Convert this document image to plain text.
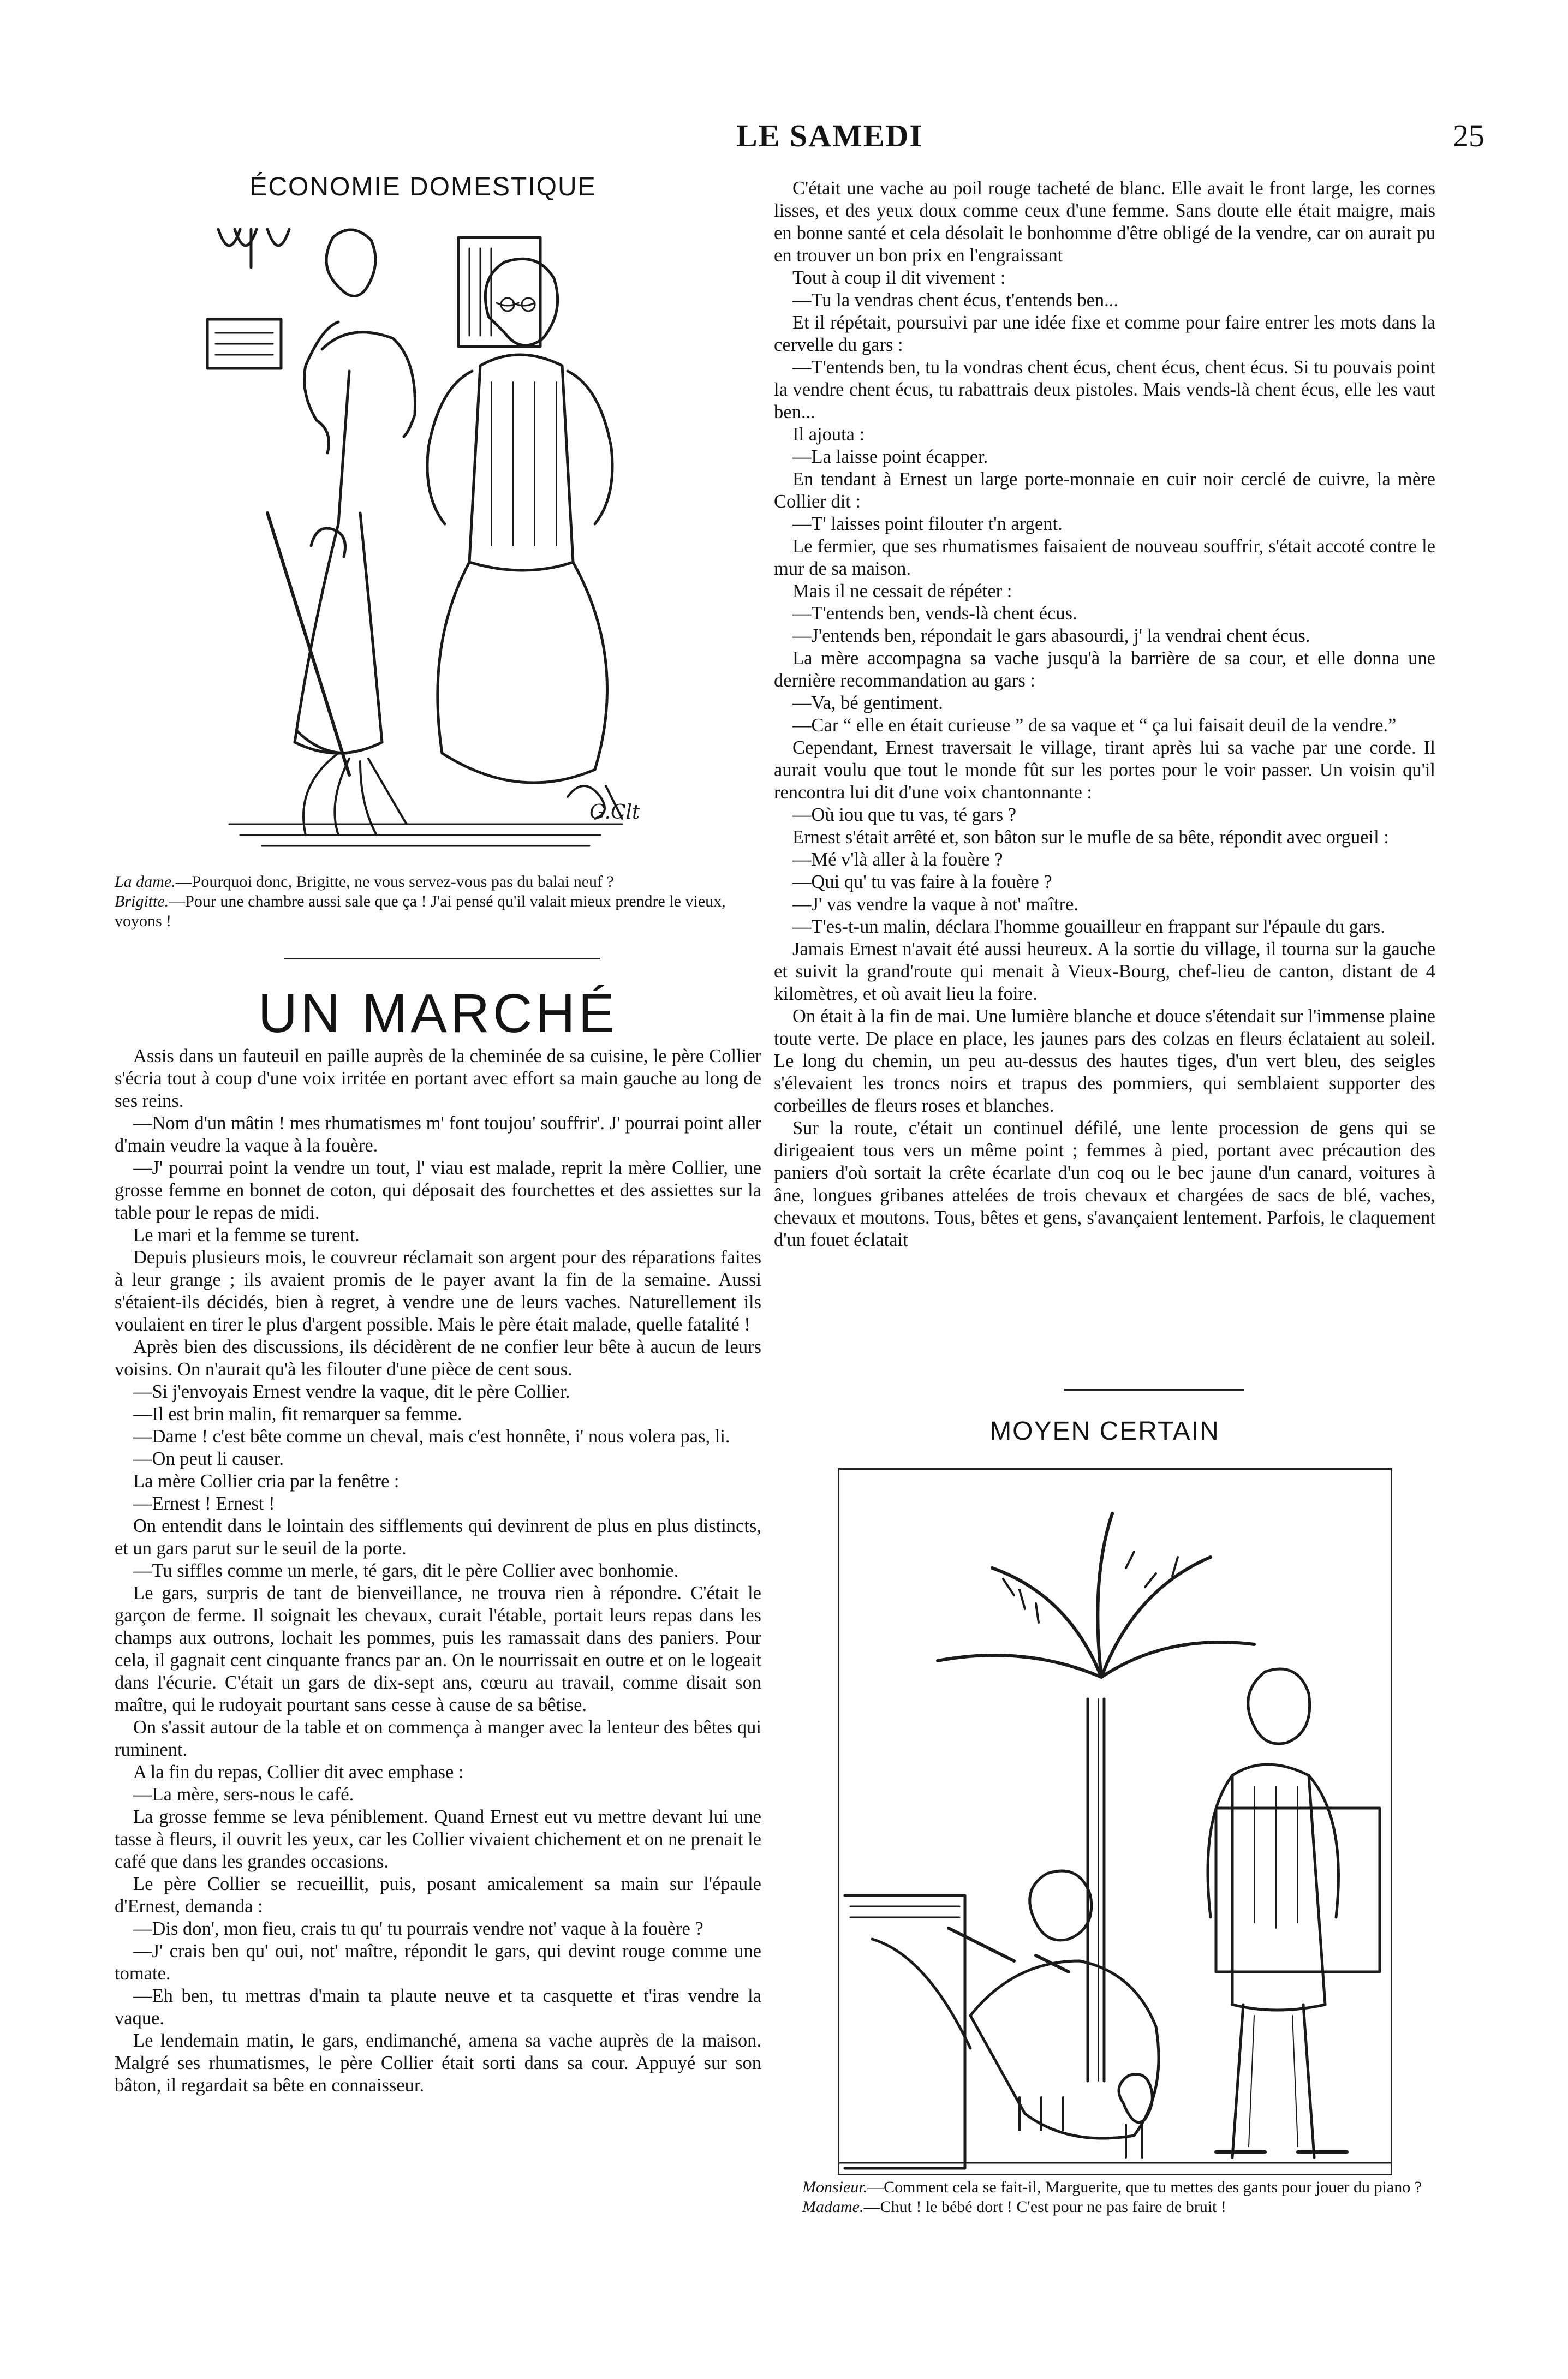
LE SAMEDI	25
ÉCONOMIE DOMESTIQUE
G.Clt
La dame.—Pourquoi donc, Brigitte, ne vous servez-vous pas du balai neuf ?
Brigitte.—Pour une chambre aussi sale que ça ! J'ai pensé qu'il valait mieux prendre le vieux, voyons !
UN MARCHÉ

Assis dans un fauteuil en paille auprès de la cheminée de sa cuisine, le père Collier s'écria tout à coup d'une voix irritée en portant avec effort sa main gauche au long de ses reins.

—Nom d'un mâtin ! mes rhumatismes m' font toujou' souffrir'. J' pourrai point aller d'main veudre la vaque à la fouère.

—J' pourrai point la vendre un tout, l' viau est malade, reprit la mère Collier, une grosse femme en bonnet de coton, qui déposait des fourchettes et des assiettes sur la table pour le repas de midi.

Le mari et la femme se turent.

Depuis plusieurs mois, le couvreur réclamait son argent pour des réparations faites à leur grange ; ils avaient promis de le payer avant la fin de la semaine. Aussi s'étaient-ils décidés, bien à regret, à vendre une de leurs vaches. Naturellement ils voulaient en tirer le plus d'argent possible. Mais le père était malade, quelle fatalité !

Après bien des discussions, ils décidèrent de ne confier leur bête à aucun de leurs voisins. On n'aurait qu'à les filouter d'une pièce de cent sous.

—Si j'envoyais Ernest vendre la vaque, dit le père Collier.

—Il est brin malin, fit remarquer sa femme.

—Dame ! c'est bête comme un cheval, mais c'est honnête, i' nous volera pas, li.

—On peut li causer.

La mère Collier cria par la fenêtre :

—Ernest ! Ernest !

On entendit dans le lointain des sifflements qui devinrent de plus en plus distincts, et un gars parut sur le seuil de la porte.

—Tu siffles comme un merle, té gars, dit le père Collier avec bonhomie.

Le gars, surpris de tant de bienveillance, ne trouva rien à répondre. C'était le garçon de ferme. Il soignait les chevaux, curait l'étable, portait leurs repas dans les champs aux outrons, lochait les pommes, puis les ramassait dans des paniers. Pour cela, il gagnait cent cinquante francs par an. On le nourrissait en outre et on le logeait dans l'écurie. C'était un gars de dix-sept ans, cœuru au travail, comme disait son maître, qui le rudoyait pourtant sans cesse à cause de sa bêtise.

On s'assit autour de la table et on commença à manger avec la lenteur des bêtes qui ruminent.

A la fin du repas, Collier dit avec emphase :

—La mère, sers-nous le café.

La grosse femme se leva péniblement. Quand Ernest eut vu mettre devant lui une tasse à fleurs, il ouvrit les yeux, car les Collier vivaient chichement et on ne prenait le café que dans les grandes occasions.

Le père Collier se recueillit, puis, posant amicalement sa main sur l'épaule d'Ernest, demanda :

—Dis don', mon fieu, crais tu qu' tu pourrais vendre not' vaque à la fouère ?

—J' crais ben qu' oui, not' maître, répondit le gars, qui devint rouge comme une tomate.

—Eh ben, tu mettras d'main ta plaute neuve et ta casquette et t'iras vendre la vaque.

Le lendemain matin, le gars, endimanché, amena sa vache auprès de la maison. Malgré ses rhumatismes, le père Collier était sorti dans sa cour. Appuyé sur son bâton, il regardait sa bête en connaisseur.

C'était une vache au poil rouge tacheté de blanc. Elle avait le front large, les cornes lisses, et des yeux doux comme ceux d'une femme. Sans doute elle était maigre, mais en bonne santé et cela désolait le bonhomme d'être obligé de la vendre, car on aurait pu en trouver un bon prix en l'engraissant

Tout à coup il dit vivement :

—Tu la vendras chent écus, t'entends ben...

Et il répétait, poursuivi par une idée fixe et comme pour faire entrer les mots dans la cervelle du gars :

—T'entends ben, tu la vondras chent écus, chent écus, chent écus. Si tu pouvais point la vendre chent écus, tu rabattrais deux pistoles. Mais vends-là chent écus, elle les vaut ben...

Il ajouta :

—La laisse point écapper.

En tendant à Ernest un large porte-monnaie en cuir noir cerclé de cuivre, la mère Collier dit :

—T' laisses point filouter t'n argent.

Le fermier, que ses rhumatismes faisaient de nouveau souffrir, s'était accoté contre le mur de sa maison.

Mais il ne cessait de répéter :

—T'entends ben, vends-là chent écus.

—J'entends ben, répondait le gars abasourdi, j' la vendrai chent écus.

La mère accompagna sa vache jusqu'à la barrière de sa cour, et elle donna une dernière recommandation au gars :

—Va, bé gentiment.

—Car “ elle en était curieuse ” de sa vaque et “ ça lui faisait deuil de la vendre.”

Cependant, Ernest traversait le village, tirant après lui sa vache par une corde. Il aurait voulu que tout le monde fût sur les portes pour le voir passer. Un voisin qu'il rencontra lui dit d'une voix chantonnante :

—Où iou que tu vas, té gars ?

Ernest s'était arrêté et, son bâton sur le mufle de sa bête, répondit avec orgueil :

—Mé v'là aller à la fouère ?

—Qui qu' tu vas faire à la fouère ?

—J' vas vendre la vaque à not' maître.

—T'es-t-un malin, déclara l'homme gouailleur en frappant sur l'épaule du gars.

Jamais Ernest n'avait été aussi heureux. A la sortie du village, il tourna sur la gauche et suivit la grand'route qui menait à Vieux-Bourg, chef-lieu de canton, distant de 4 kilomètres, et où avait lieu la foire.

On était à la fin de mai. Une lumière blanche et douce s'étendait sur l'immense plaine toute verte. De place en place, les jaunes pars des colzas en fleurs éclataient au soleil. Le long du chemin, un peu au-dessus des hautes tiges, d'un vert bleu, des seigles s'élevaient les troncs noirs et trapus des pommiers, qui semblaient supporter des corbeilles de fleurs roses et blanches.

Sur la route, c'était un continuel défilé, une lente procession de gens qui se dirigeaient tous vers un même point ; femmes à pied, portant avec précaution des paniers d'où sortait la crête écarlate d'un coq ou le bec jaune d'un canard, voitures à âne, longues gribanes attelées de trois chevaux et chargées de sacs de blé, vaches, chevaux et moutons. Tous, bêtes et gens, s'avançaient lentement. Parfois, le claquement d'un fouet éclatait

MOYEN CERTAIN
Monsieur.—Comment cela se fait-il, Marguerite, que tu mettes des gants pour jouer du piano ?
Madame.—Chut ! le bébé dort ! C'est pour ne pas faire de bruit !
